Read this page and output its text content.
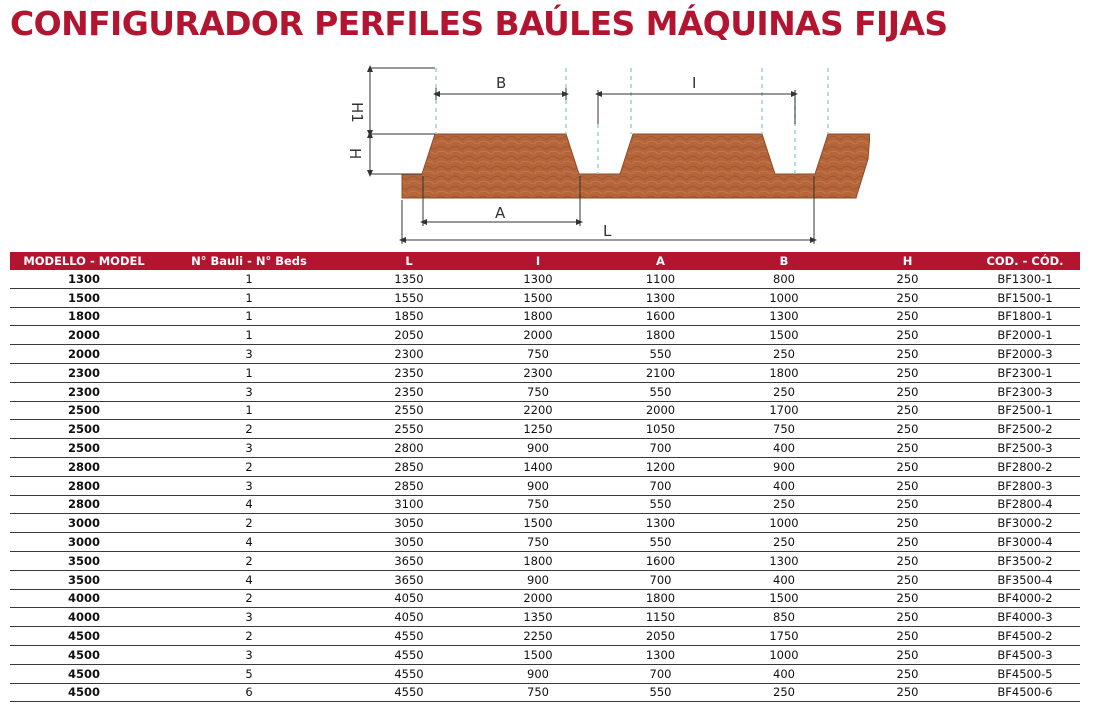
CONFIGURADOR PERFILES BAÚLES MÁQUINAS FIJAS
B	I
H1
H
A
L
MODELLO - MODEL	N° Bauli - N° Beds	L	I	A	B	H	COD. - CÓD.
1300	1	1350	1300	1100	800	250	BF1300-1
1500	1	1550	1500	1300	1000	250	BF1500-1
1800	1	1850	1800	1600	1300	250	BF1800-1
2000	1	2050	2000	1800	1500	250	BF2000-1
2000	3	2300	750	550	250	250	BF2000-3
2300	1	2350	2300	2100	1800	250	BF2300-1
2300	3	2350	750	550	250	250	BF2300-3
2500	1	2550	2200	2000	1700	250	BF2500-1
2500	2	2550	1250	1050	750	250	BF2500-2
2500	3	2800	900	700	400	250	BF2500-3
2800	2	2850	1400	1200	900	250	BF2800-2
2800	3	2850	900	700	400	250	BF2800-3
2800	4	3100	750	550	250	250	BF2800-4
3000	2	3050	1500	1300	1000	250	BF3000-2
3000	4	3050	750	550	250	250	BF3000-4
3500	2	3650	1800	1600	1300	250	BF3500-2
3500	4	3650	900	700	400	250	BF3500-4
4000	2	4050	2000	1800	1500	250	BF4000-2
4000	3	4050	1350	1150	850	250	BF4000-3
4500	2	4550	2250	2050	1750	250	BF4500-2
4500	3	4550	1500	1300	1000	250	BF4500-3
4500	5	4550	900	700	400	250	BF4500-5
4500	6	4550	750	550	250	250	BF4500-6
